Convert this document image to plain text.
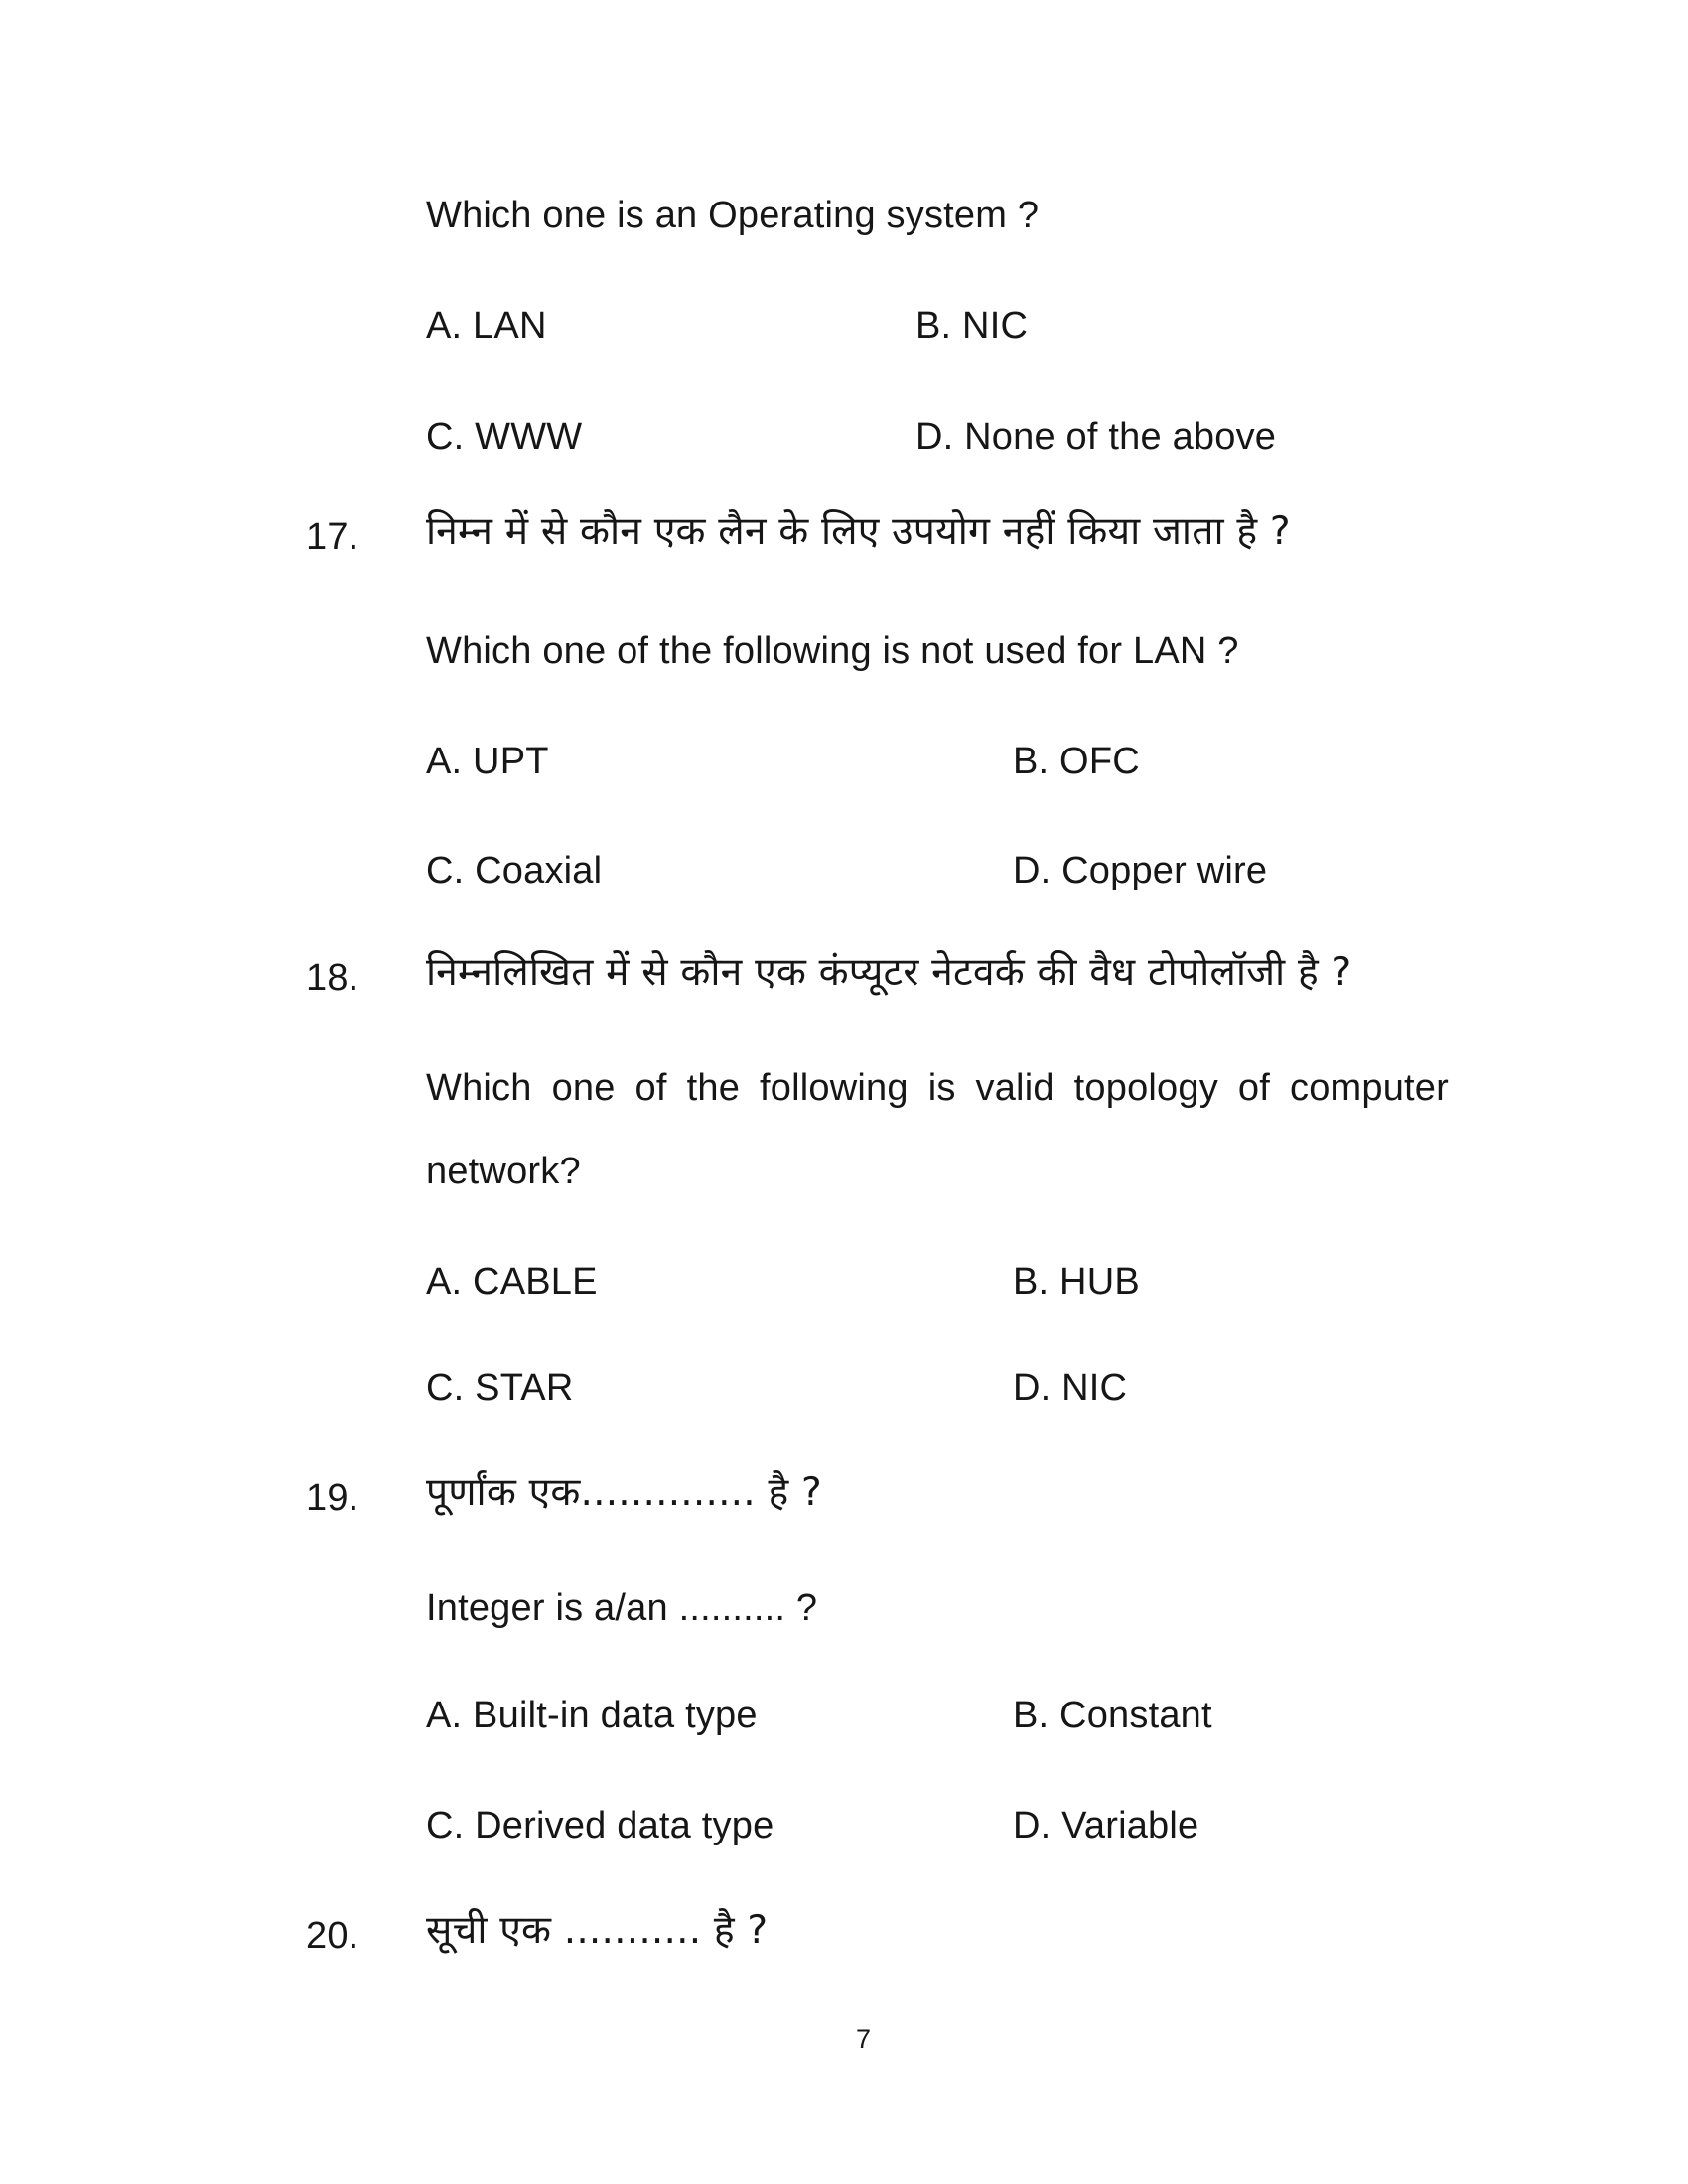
Which one is an Operating system ?
A. LAN	B. NIC
C. WWW	D. None of the above
17. निम्न में से कौन एक लैन के लिए उपयोग नहीं किया जाता है ?
Which one of the following is not used for LAN ?
A. UPT	B. OFC
C. Coaxial	D. Copper wire
18. निम्नलिखित में से कौन एक कंप्यूटर नेटवर्क की वैध टोपोलॉजी है ?
Which one of the following is valid topology of computer
network?
A. CABLE	B. HUB
C. STAR	D. NIC
19. पूर्णांक एक.............. है ?
Integer is a/an .......... ?
A. Built-in data type	B. Constant
C. Derived data type	D. Variable
20. सूची एक ........... है ?
7
